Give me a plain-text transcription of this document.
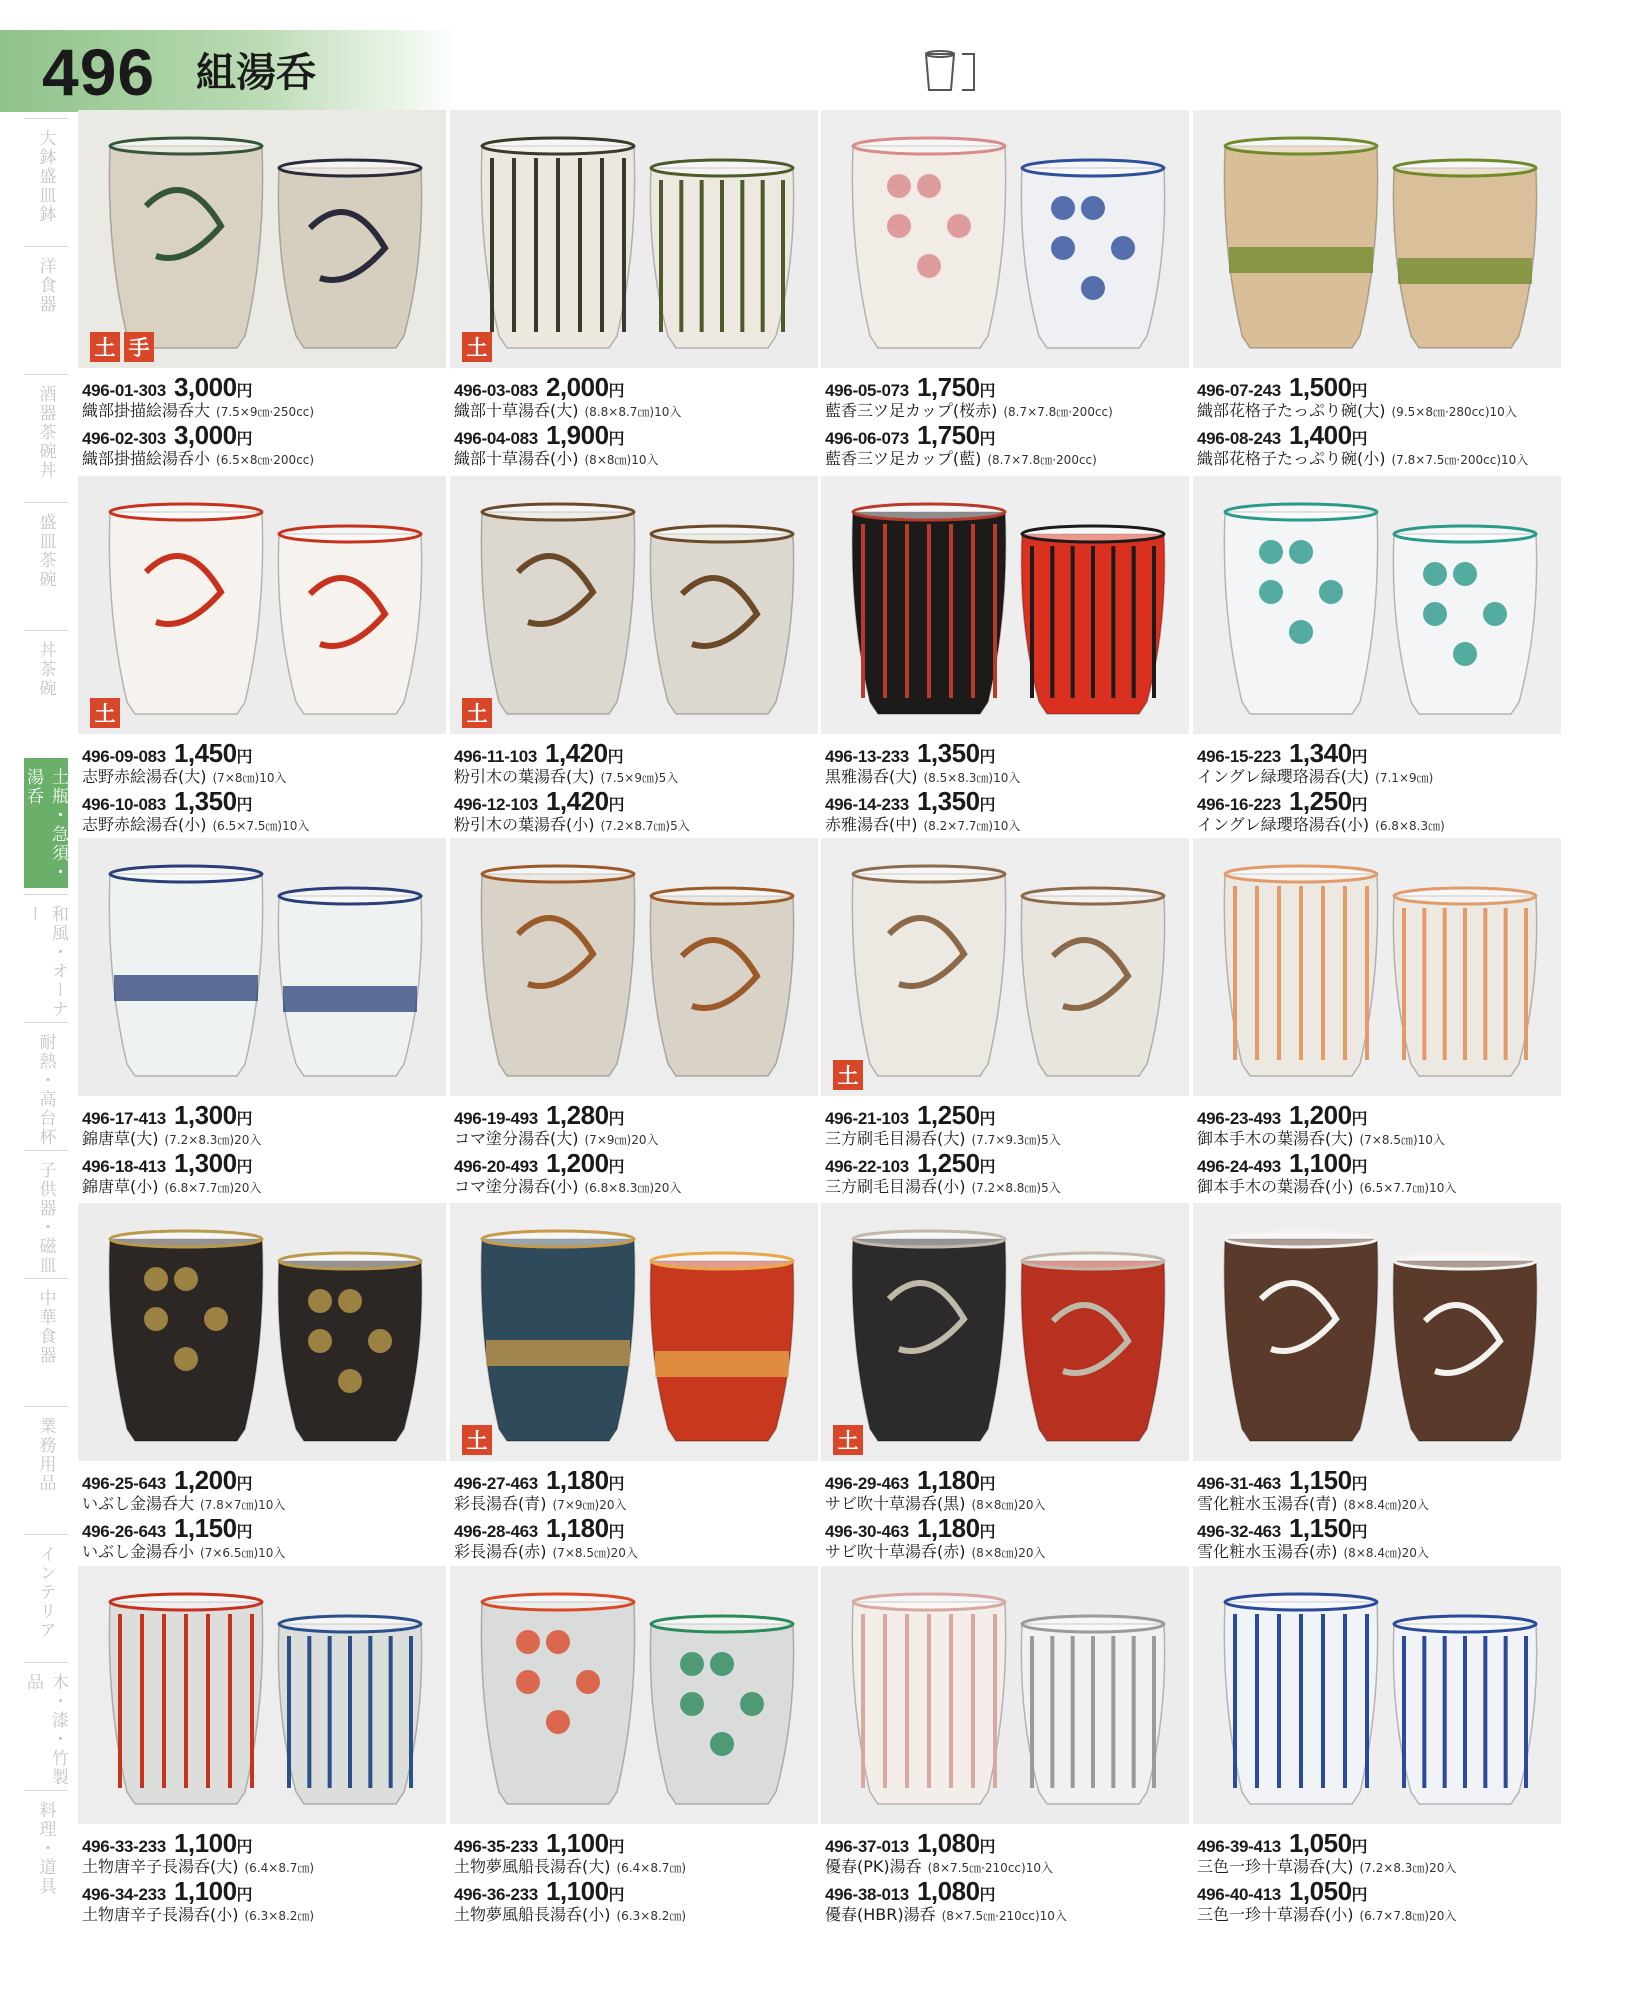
496 組湯呑
大鉢盛皿鉢
洋食器
酒器茶碗丼
盛皿茶碗
丼茶碗
土瓶・急須・湯呑
和風・オーナー
耐熱・高台杯
子供器・磁皿
中華食器
業務用品
インテリア
木・漆・竹製品
料理・道具
土 手
496-01-303 3,000円
織部掛描絵湯呑大 (7.5×9㎝·250cc)
496-02-303 3,000円
織部掛描絵湯呑小 (6.5×8㎝·200cc)
土
496-03-083 2,000円
織部十草湯呑(大) (8.8×8.7㎝)10入
496-04-083 1,900円
織部十草湯呑(小) (8×8㎝)10入
496-05-073 1,750円
藍香三ツ足カップ(桜赤) (8.7×7.8㎝·200cc)
496-06-073 1,750円
藍香三ツ足カップ(藍) (8.7×7.8㎝·200cc)
496-07-243 1,500円
織部花格子たっぷり碗(大) (9.5×8㎝·280cc)10入
496-08-243 1,400円
織部花格子たっぷり碗(小) (7.8×7.5㎝·200cc)10入
土
496-09-083 1,450円
志野赤絵湯呑(大) (7×8㎝)10入
496-10-083 1,350円
志野赤絵湯呑(小) (6.5×7.5㎝)10入
土
496-11-103 1,420円
粉引木の葉湯呑(大) (7.5×9㎝)5入
496-12-103 1,420円
粉引木の葉湯呑(小) (7.2×8.7㎝)5入
496-13-233 1,350円
黒雅湯呑(大) (8.5×8.3㎝)10入
496-14-233 1,350円
赤雅湯呑(中) (8.2×7.7㎝)10入
496-15-223 1,340円
イングレ緑瓔珞湯呑(大) (7.1×9㎝)
496-16-223 1,250円
イングレ緑瓔珞湯呑(小) (6.8×8.3㎝)
496-17-413 1,300円
錦唐草(大) (7.2×8.3㎝)20入
496-18-413 1,300円
錦唐草(小) (6.8×7.7㎝)20入
496-19-493 1,280円
コマ塗分湯呑(大) (7×9㎝)20入
496-20-493 1,200円
コマ塗分湯呑(小) (6.8×8.3㎝)20入
土
496-21-103 1,250円
三方刷毛目湯呑(大) (7.7×9.3㎝)5入
496-22-103 1,250円
三方刷毛目湯呑(小) (7.2×8.8㎝)5入
496-23-493 1,200円
御本手木の葉湯呑(大) (7×8.5㎝)10入
496-24-493 1,100円
御本手木の葉湯呑(小) (6.5×7.7㎝)10入
496-25-643 1,200円
いぶし金湯呑大 (7.8×7㎝)10入
496-26-643 1,150円
いぶし金湯呑小 (7×6.5㎝)10入
土
496-27-463 1,180円
彩長湯呑(青) (7×9㎝)20入
496-28-463 1,180円
彩長湯呑(赤) (7×8.5㎝)20入
土
496-29-463 1,180円
サビ吹十草湯呑(黒) (8×8㎝)20入
496-30-463 1,180円
サビ吹十草湯呑(赤) (8×8㎝)20入
496-31-463 1,150円
雪化粧水玉湯呑(青) (8×8.4㎝)20入
496-32-463 1,150円
雪化粧水玉湯呑(赤) (8×8.4㎝)20入
496-33-233 1,100円
土物唐辛子長湯呑(大) (6.4×8.7㎝)
496-34-233 1,100円
土物唐辛子長湯呑(小) (6.3×8.2㎝)
496-35-233 1,100円
土物夢風船長湯呑(大) (6.4×8.7㎝)
496-36-233 1,100円
土物夢風船長湯呑(小) (6.3×8.2㎝)
496-37-013 1,080円
優春(PK)湯呑 (8×7.5㎝·210cc)10入
496-38-013 1,080円
優春(HBR)湯呑 (8×7.5㎝·210cc)10入
496-39-413 1,050円
三色一珍十草湯呑(大) (7.2×8.3㎝)20入
496-40-413 1,050円
三色一珍十草湯呑(小) (6.7×7.8㎝)20入
